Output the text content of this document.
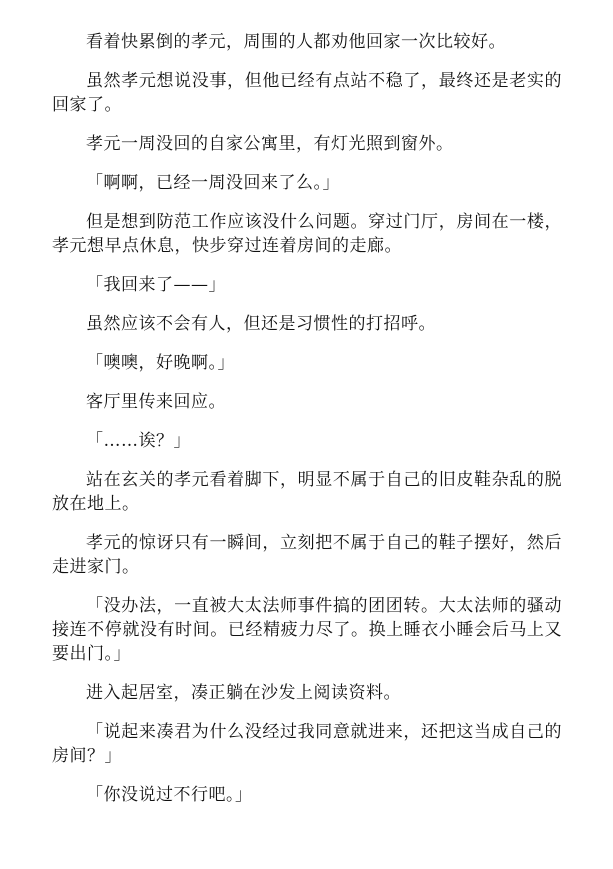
看着快累倒的孝元，周围的人都劝他回家一次比较好。

虽然孝元想说没事，但他已经有点站不稳了，最终还是老实的回家了。

孝元一周没回的自家公寓里，有灯光照到窗外。

「啊啊，已经一周没回来了么。」

但是想到防范工作应该没什么问题。穿过门厅，房间在一楼，孝元想早点休息，快步穿过连着房间的走廊。

「我回来了——」

虽然应该不会有人，但还是习惯性的打招呼。

「噢噢，好晚啊。」

客厅里传来回应。

「……诶？」

站在玄关的孝元看着脚下，明显不属于自己的旧皮鞋杂乱的脱放在地上。

孝元的惊讶只有一瞬间，立刻把不属于自己的鞋子摆好，然后走进家门。

「没办法，一直被大太法师事件搞的团团转。大太法师的骚动接连不停就没有时间。已经精疲力尽了。换上睡衣小睡会后马上又要出门。」

进入起居室，凑正躺在沙发上阅读资料。

「说起来凑君为什么没经过我同意就进来，还把这当成自己的房间？」

「你没说过不行吧。」
